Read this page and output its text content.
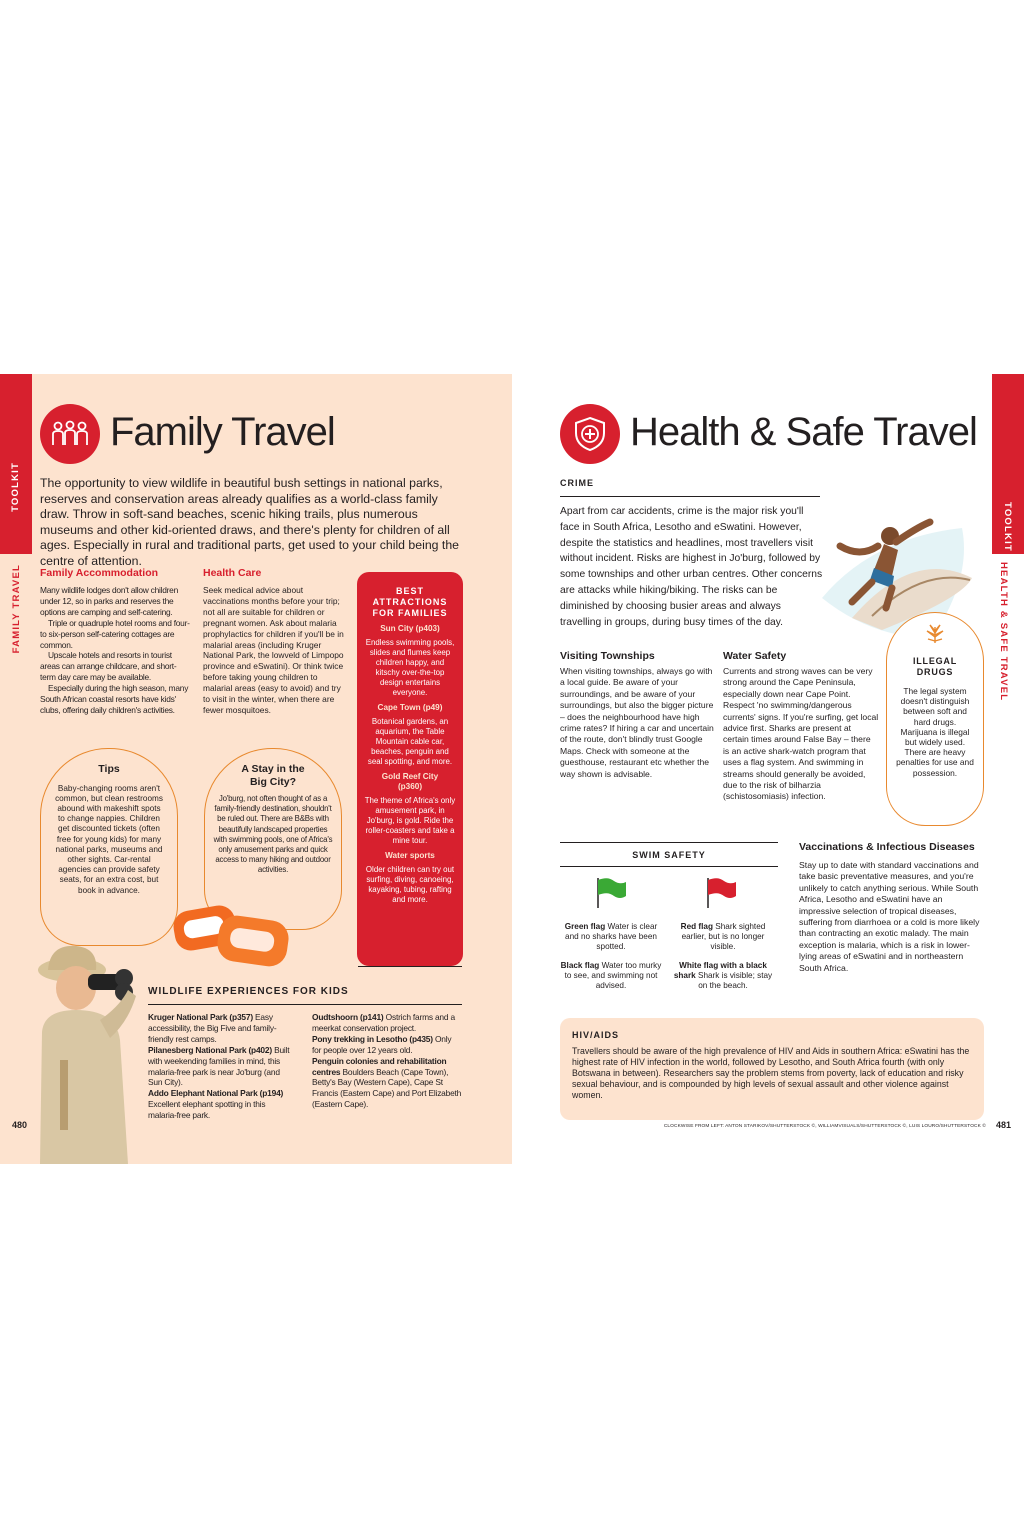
TOOLKIT
FAMILY TRAVEL
Family Travel
The opportunity to view wildlife in beautiful bush settings in national parks, reserves and conservation areas already qualifies as a world-class family draw. Throw in soft-sand beaches, scenic hiking trails, plus numerous museums and other kid-oriented draws, and there's plenty for children of all ages. Especially in rural and traditional parts, get used to your child being the centre of attention.
Family Accommodation

Many wildlife lodges don't allow children under 12, so in parks and reserves the options are camping and self-catering.

Triple or quadruple hotel rooms and four- to six-person self-catering cottages are common.

Upscale hotels and resorts in tourist areas can arrange childcare, and short-term day care may be available.

Especially during the high season, many South African coastal resorts have kids' clubs, offering daily children's activities.

Health Care

Seek medical advice about vaccinations months before your trip; not all are suitable for children or pregnant women. Ask about malaria prophylactics for children if you'll be in malarial areas (including Kruger National Park, the lowveld of Limpopo province and eSwatini). Or think twice before taking young children to malarial areas (easy to avoid) and try to visit in the winter, when there are fewer mosquitoes.

BEST ATTRACTIONS FOR FAMILIES
Sun City (p403)
Endless swimming pools, slides and flumes keep children happy, and kitschy over-the-top design entertains everyone.
Cape Town (p49)
Botanical gardens, an aquarium, the Table Mountain cable car, beaches, penguin and seal spotting, and more.
Gold Reef City (p360)
The theme of Africa's only amusement park, in Jo'burg, is gold. Ride the roller-coasters and take a mine tour.
Water sports
Older children can try out surfing, diving, canoeing, kayaking, tubing, rafting and more.
Tips
Baby-changing rooms aren't common, but clean restrooms abound with makeshift spots to change nappies. Children get discounted tickets (often free for young kids) for many national parks, museums and other sights. Car-rental agencies can provide safety seats, for an extra cost, but book in advance.
A Stay in the Big City?
Jo'burg, not often thought of as a family-friendly destination, shouldn't be ruled out. There are B&Bs with beautifully landscaped properties with swimming pools, one of Africa's only amusement parks and quick access to many hiking and outdoor activities.
WILDLIFE EXPERIENCES FOR KIDS

Kruger National Park (p357) Easy accessibility, the Big Five and family-friendly rest camps.

Pilanesberg National Park (p402) Built with weekending families in mind, this malaria-free park is near Jo'burg (and Sun City).

Addo Elephant National Park (p194) Excellent elephant spotting in this malaria-free park.

Oudtshoorn (p141) Ostrich farms and a meerkat conservation project.

Pony trekking in Lesotho (p435) Only for people over 12 years old.

Penguin colonies and rehabilitation centres Boulders Beach (Cape Town), Betty's Bay (Western Cape), Cape St Francis (Eastern Cape) and Port Elizabeth (Eastern Cape).

480
TOOLKIT
HEALTH & SAFE TRAVEL
Health & Safe Travel
CRIME
Apart from car accidents, crime is the major risk you'll face in South Africa, Lesotho and eSwatini. However, despite the statistics and headlines, most travellers visit without incident. Risks are highest in Jo'burg, followed by some townships and other urban centres. Other concerns are attacks while hiking/biking. The risks can be diminished by choosing busier areas and always travelling in groups, during busy times of the day.
ILLEGAL DRUGS
The legal system doesn't distinguish between soft and hard drugs. Marijuana is illegal but widely used. There are heavy penalties for use and possession.
Visiting Townships
When visiting townships, always go with a local guide. Be aware of your surroundings, and be aware of your surroundings, but also the bigger picture – does the neighbourhood have high crime rates? If hiring a car and uncertain of the route, don't blindly trust Google Maps. Check with someone at the guesthouse, restaurant etc whether the way shown is advisable.
Water Safety
Currents and strong waves can be very strong around the Cape Peninsula, especially down near Cape Point. Respect 'no swimming/dangerous currents' signs. If you're surfing, get local advice first. Sharks are present at certain times around False Bay – there is an active shark-watch program that uses a flag system. And swimming in streams should generally be avoided, due to the risk of bilharzia (schistosomiasis) infection.
SWIM SAFETY
Green flag Water is clear and no sharks have been spotted.
Red flag Shark sighted earlier, but is no longer visible.
Black flag Water too murky to see, and swimming not advised.
White flag with a black shark Shark is visible; stay on the beach.
Vaccinations & Infectious Diseases
Stay up to date with standard vaccinations and take basic preventative measures, and you're unlikely to catch anything serious. While South Africa, Lesotho and eSwatini have an impressive selection of tropical diseases, suffering from diarrhoea or a cold is more likely than contracting an exotic malady. The main exception is malaria, which is a risk in lower-lying areas of eSwatini and in northeastern South Africa.
HIV/AIDS
Travellers should be aware of the high prevalence of HIV and Aids in southern Africa: eSwatini has the highest rate of HIV infection in the world, followed by Lesotho, and South Africa fourth (with only Botswana in between). Researchers say the problem stems from poverty, lack of education and risky sexual behaviour, and is compounded by high levels of sexual assault and other violence against women.
CLOCKWISE FROM LEFT: ANTON STARIKOV/SHUTTERSTOCK ©, WILLIAMVISUALS/SHUTTERSTOCK ©, LUIS LOURO/SHUTTERSTOCK © 481
